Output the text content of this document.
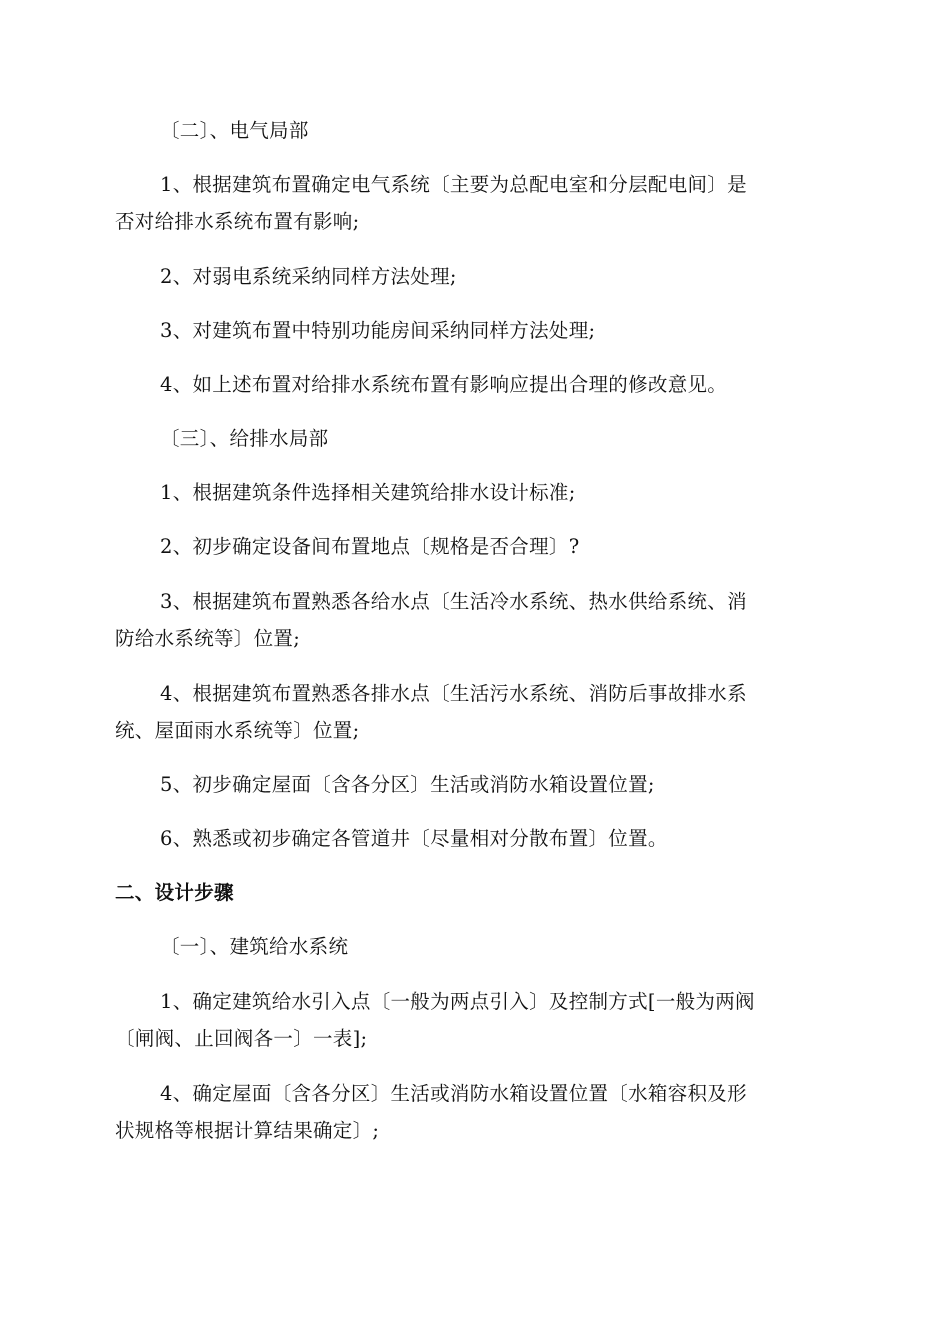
〔二〕、电气局部
1、根据建筑布置确定电气系统〔主要为总配电室和分层配电间〕是
否对给排水系统布置有影响;
2、对弱电系统采纳同样方法处理;
3、对建筑布置中特别功能房间采纳同样方法处理;
4、如上述布置对给排水系统布置有影响应提出合理的修改意见。
〔三〕、给排水局部
1、根据建筑条件选择相关建筑给排水设计标准;
2、初步确定设备间布置地点〔规格是否合理〕?
3、根据建筑布置熟悉各给水点〔生活冷水系统、热水供给系统、消
防给水系统等〕位置;
4、根据建筑布置熟悉各排水点〔生活污水系统、消防后事故排水系
统、屋面雨水系统等〕位置;
5、初步确定屋面〔含各分区〕生活或消防水箱设置位置;
6、熟悉或初步确定各管道井〔尽量相对分散布置〕位置。
二、设计步骤
〔一〕、建筑给水系统
1、确定建筑给水引入点〔一般为两点引入〕及控制方式[一般为两阀
〔闸阀、止回阀各一〕一表];
4、确定屋面〔含各分区〕生活或消防水箱设置位置〔水箱容积及形
状规格等根据计算结果确定〕;
